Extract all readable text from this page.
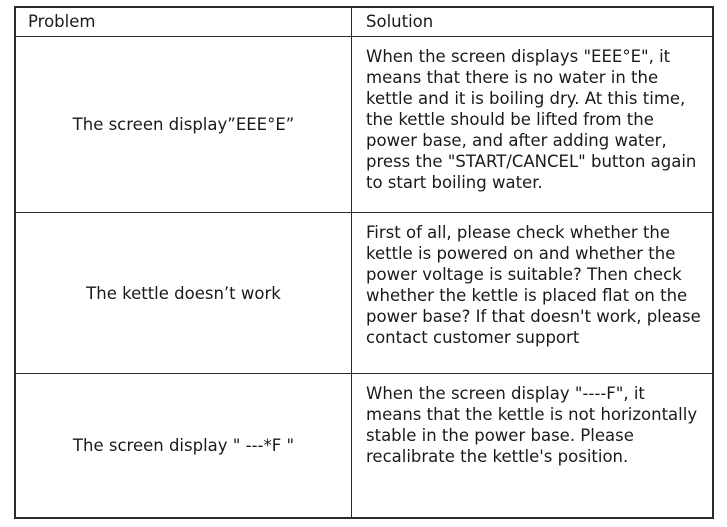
Problem	Solution
The screen display”EEE°E”
When the screen displays "EEE°E", it means that there is no water in the kettle and it is boiling dry. At this time, the kettle should be lifted from the power base, and after adding water, press the "START/CANCEL" button again to start boiling water.
The kettle doesn’t work
First of all, please check whether the kettle is powered on and whether the power voltage is suitable? Then check whether the kettle is placed flat on the power base? If that doesn't work, please contact customer support
The screen display " ---*F "
When the screen display "----F", it means that the kettle is not horizontally stable in the power base. Please recalibrate the kettle's position.
